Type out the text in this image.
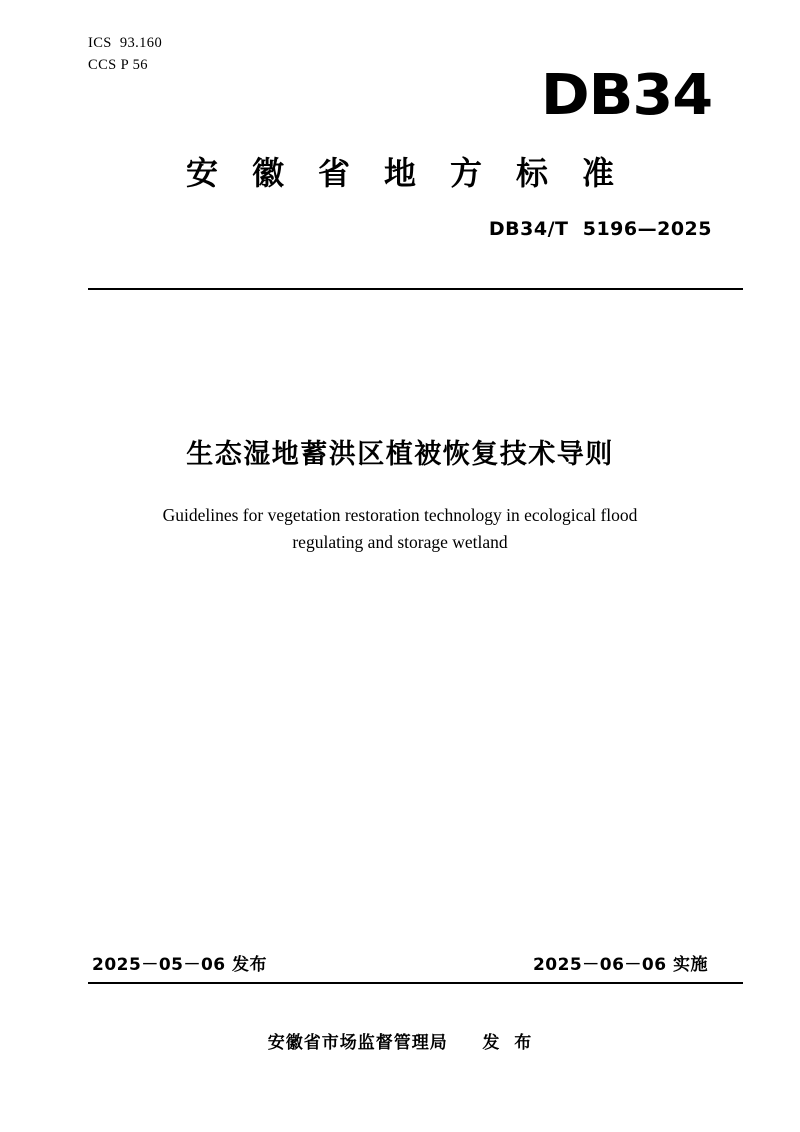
ICS  93.160
CCS P 56	DB34
安徽省地方标准
DB34/T  5196—2025
生态湿地蓄洪区植被恢复技术导则
Guidelines for vegetation restoration technology in ecological flood regulating and storage wetland
2025－05－06 发布	2025－06－06 实施
安徽省市场监督管理局     发  布
